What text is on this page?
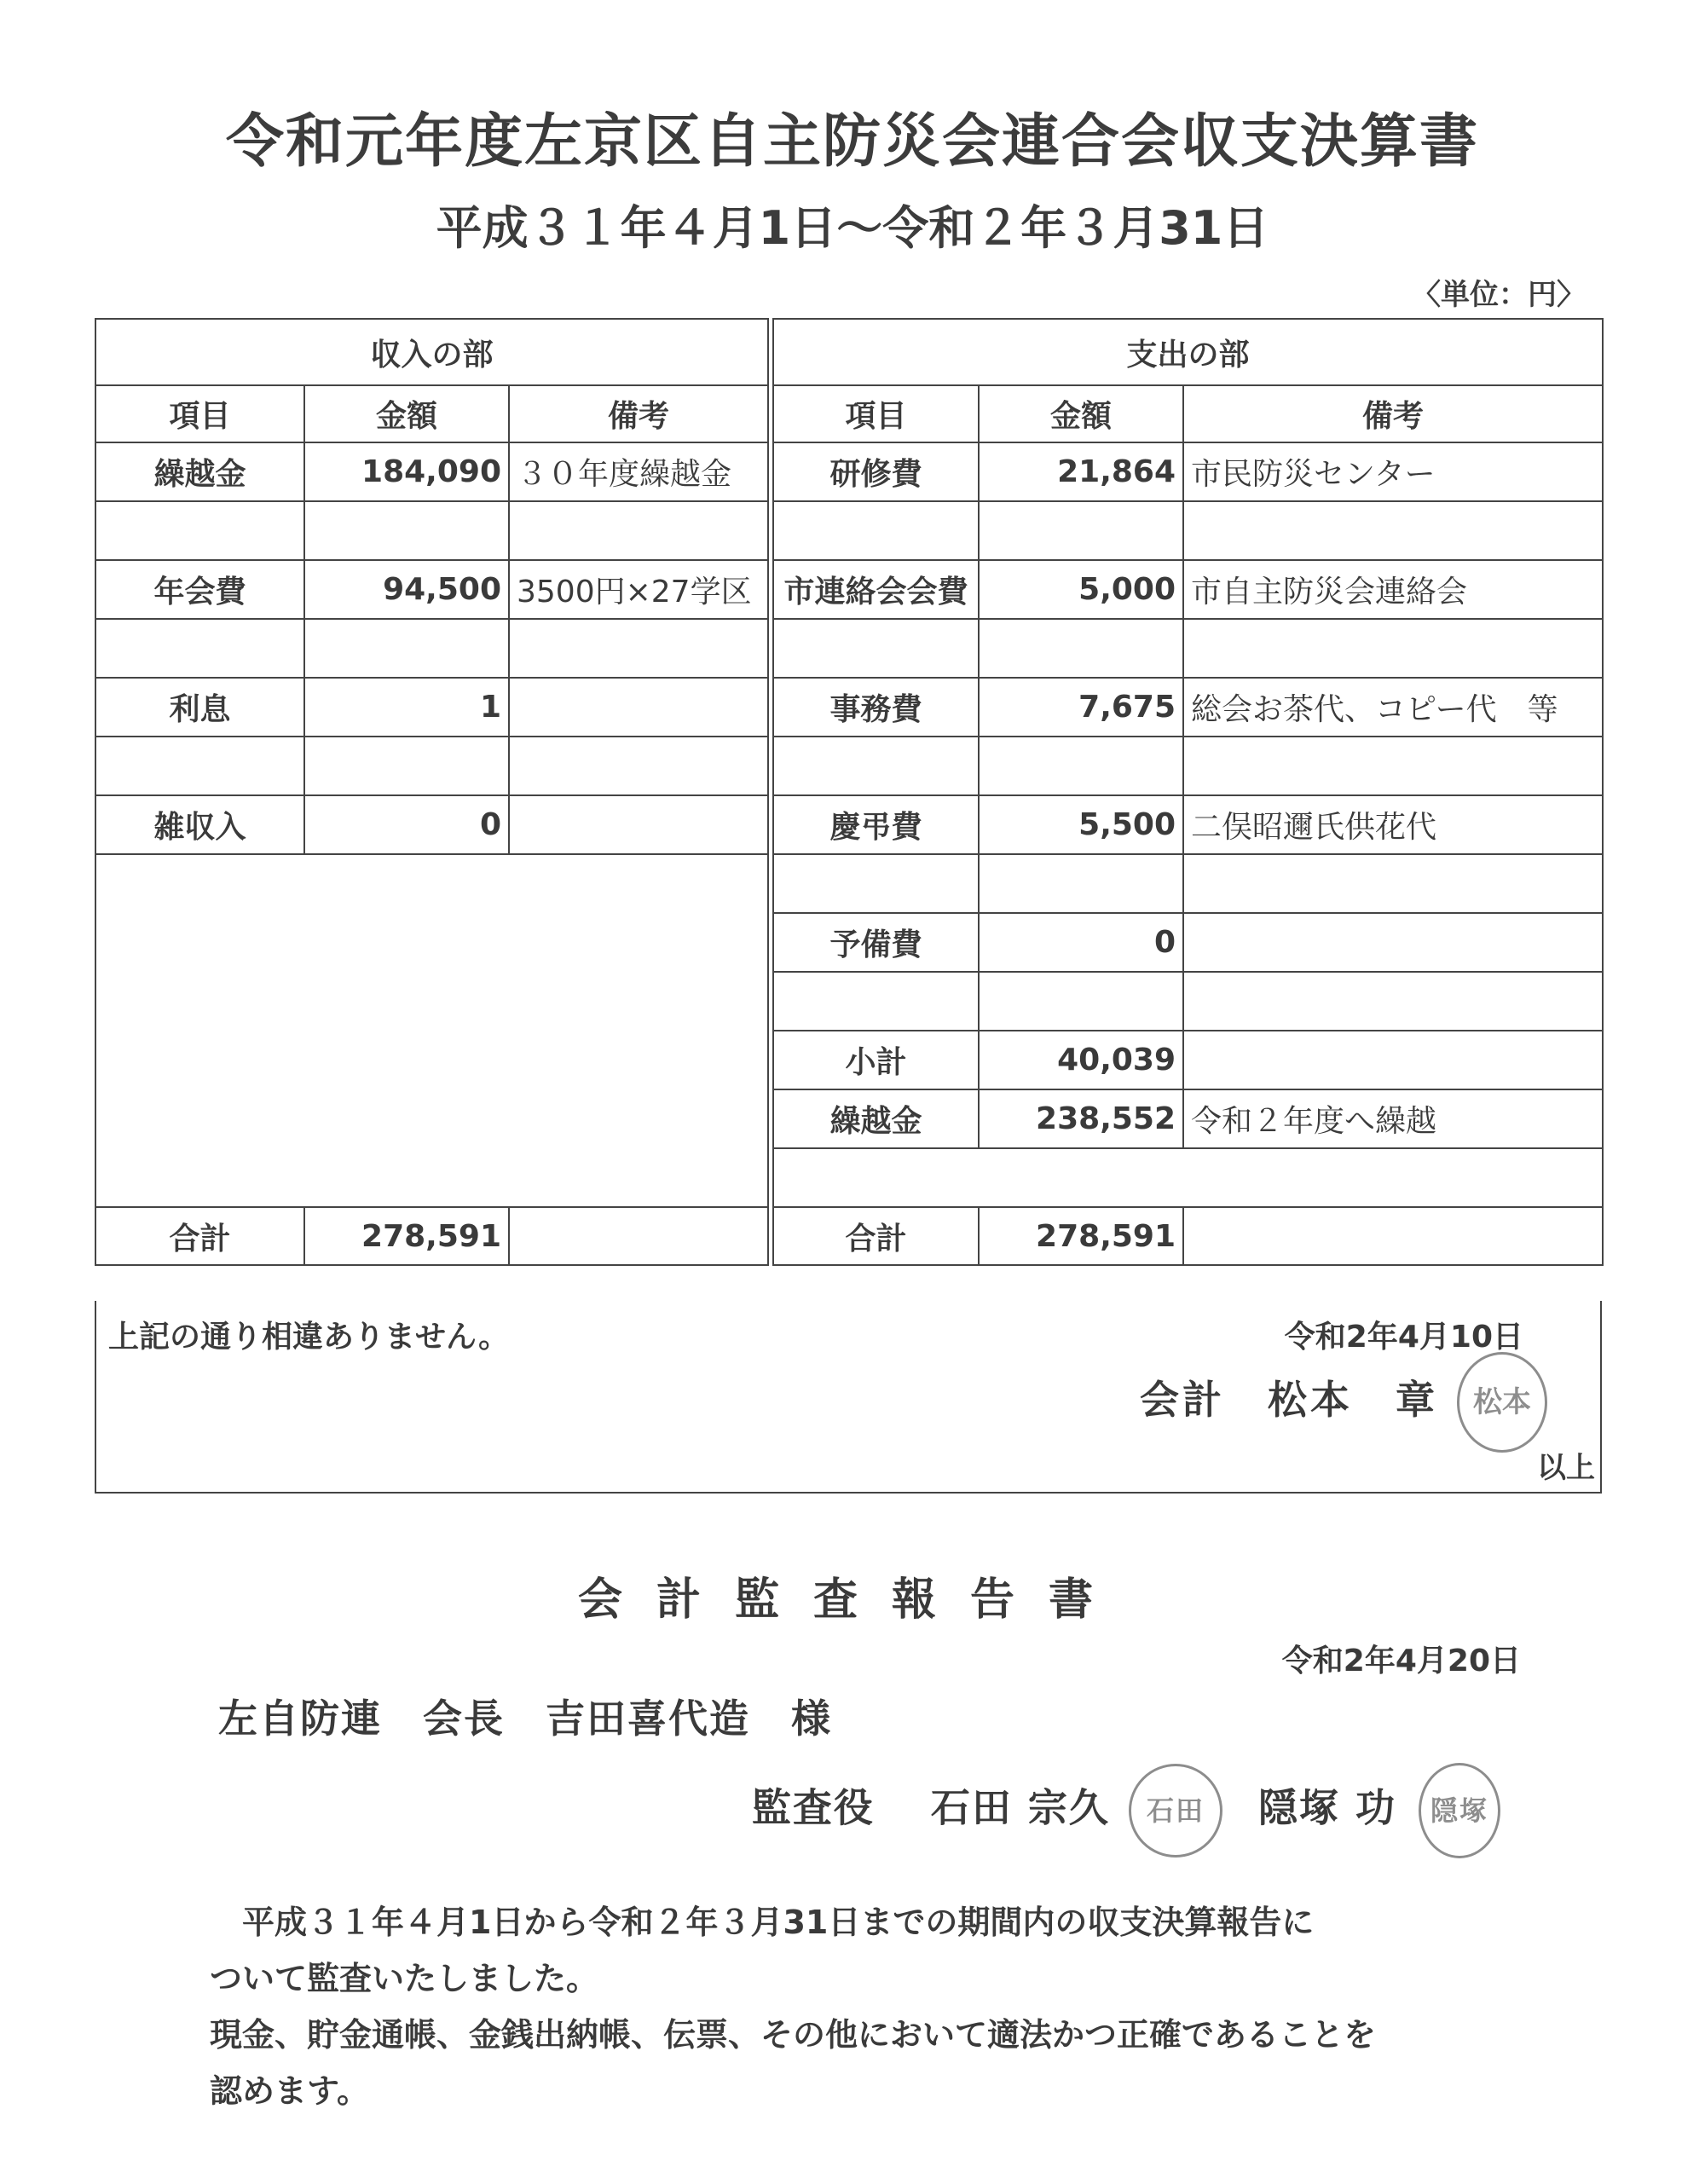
令和元年度左京区自主防災会連合会収支決算書
平成３１年４月1日～令和２年３月31日
〈単位：円〉
収入の部				支出の部		
項目	金額	備考		項目	金額	備考
繰越金	184,090	３０年度繰越金		研修費	21,864	市民防災センター

年会費	94,500	3500円×27学区		市連絡会会費	5,000	市自主防災会連絡会

利息	1			事務費	7,675	総会お茶代、コピー代　等

雑収入	0			慶弔費	5,500	二俣昭邇氏供花代

				予備費	0	

				小計	40,039	
				繰越金	238,552	令和２年度へ繰越

合計	278,591			合計	278,591	
上記の通り相違ありません。	令和2年4月10日
会計　松本　章	松本
以上
会計監査報告書
令和2年4月20日
左自防連　会長　吉田喜代造　様
監査役　 石田 宗久 石田 隠塚 功 隠塚

　平成３１年４月1日から令和２年３月31日までの期間内の収支決算報告に

ついて監査いたしました。

現金、貯金通帳、金銭出納帳、伝票、その他において適法かつ正確であることを

認めます。
